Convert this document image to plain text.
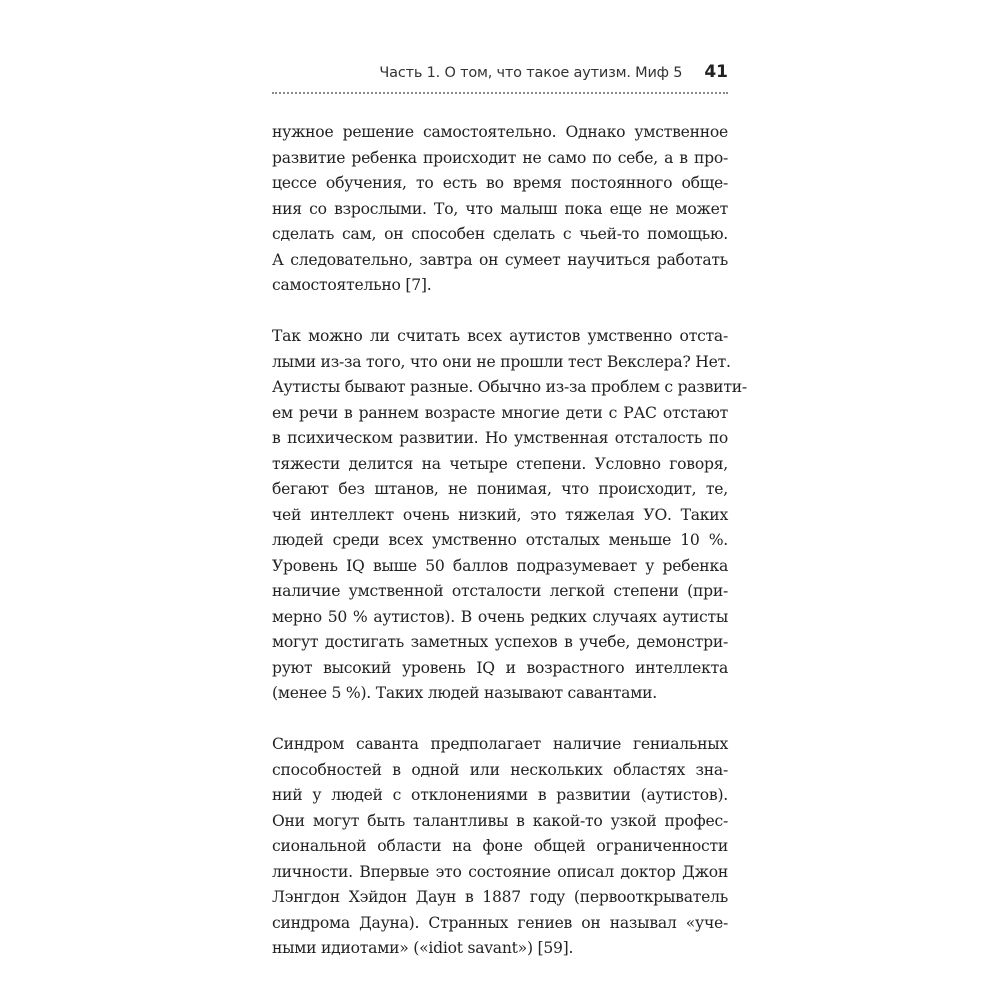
Часть 1. О том, что такое аутизм. Миф 5 41

нужное решение самостоятельно. Однако умственное
развитие ребенка происходит не само по себе, а в про-
цессе обучения, то есть во время постоянного обще-
ния со взрослыми. То, что малыш пока еще не может
сделать сам, он способен сделать с чьей-то помощью.
А следовательно, завтра он сумеет научиться работать
самостоятельно [7].

Так можно ли считать всех аутистов умственно отста-
лыми из-за того, что они не прошли тест Векслера? Нет.
Аутисты бывают разные. Обычно из-за проблем с развити-
ем речи в раннем возрасте многие дети с РАС отстают
в психическом развитии. Но умственная отсталость по
тяжести делится на четыре степени. Условно говоря,
бегают без штанов, не понимая, что происходит, те,
чей интеллект очень низкий, это тяжелая УО. Таких
людей среди всех умственно отсталых меньше 10 %.
Уровень IQ выше 50 баллов подразумевает у ребенка
наличие умственной отсталости легкой степени (при-
мерно 50 % аутистов). В очень редких случаях аутисты
могут достигать заметных успехов в учебе, демонстри-
руют высокий уровень IQ и возрастного интеллекта
(менее 5 %). Таких людей называют савантами.

Синдром саванта предполагает наличие гениальных
способностей в одной или нескольких областях зна-
ний у людей с отклонениями в развитии (аутистов).
Они могут быть талантливы в какой-то узкой профес-
сиональной области на фоне общей ограниченности
личности. Впервые это состояние описал доктор Джон
Лэнгдон Хэйдон Даун в 1887 году (первооткрыватель
синдрома Дауна). Странных гениев он называл «уче-
ными идиотами» («idiot savant») [59].
